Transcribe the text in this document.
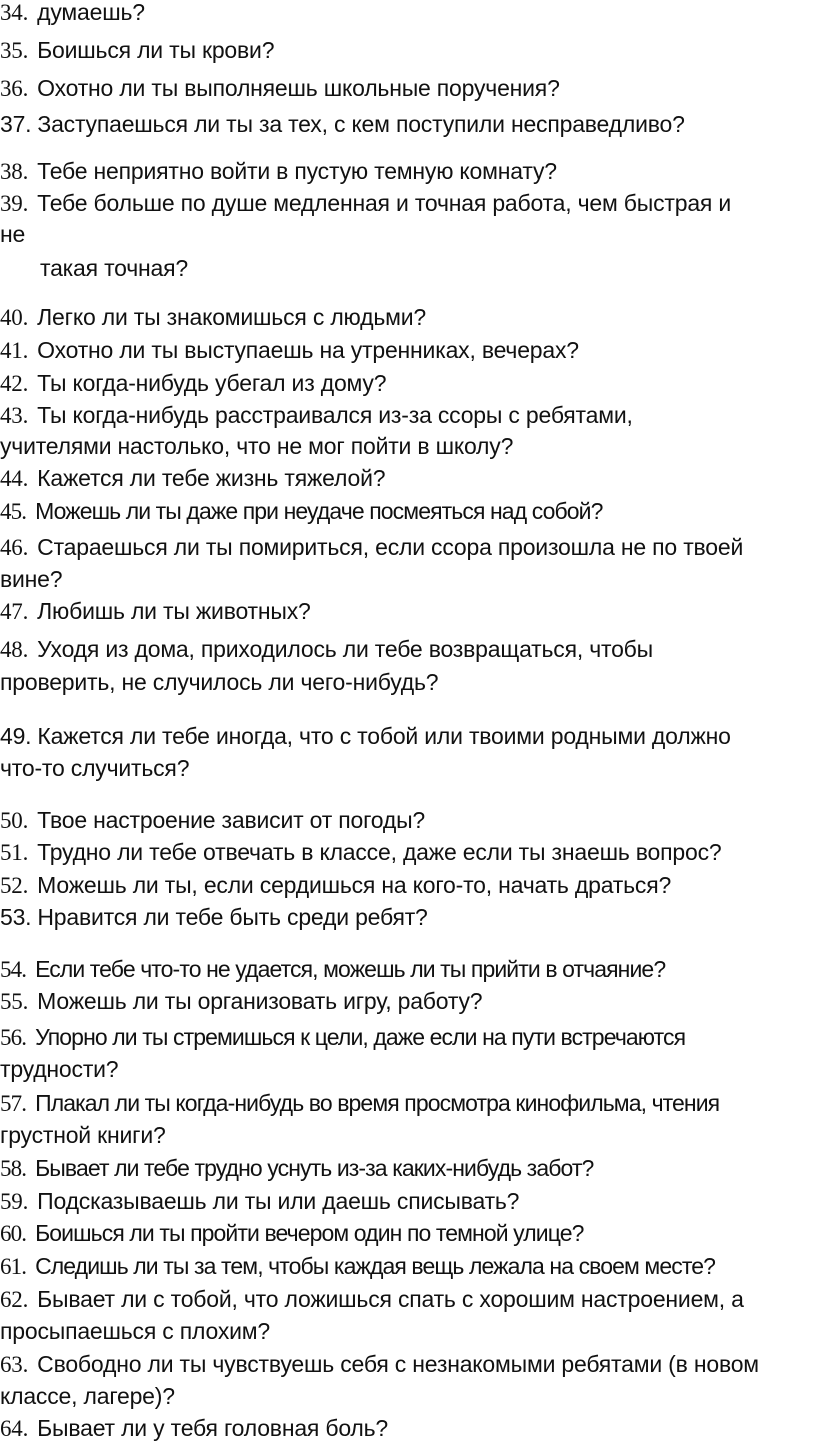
34. думаешь?
35. Боишься ли ты крови?
36. Охотно ли ты выполняешь школьные поручения?
37. Заступаешься ли ты за тех, с кем поступили несправедливо?
38. Тебе неприятно войти в пустую темную комнату?
39. Тебе больше по душе медленная и точная работа, чем быстрая и
не
такая точная?
40. Легко ли ты знакомишься с людьми?
41. Охотно ли ты выступаешь на утренниках, вечерах?
42. Ты когда-нибудь убегал из дому?
43. Ты когда-нибудь расстраивался из-за ссоры с ребятами,
учителями настолько, что не мог пойти в школу?
44. Кажется ли тебе жизнь тяжелой?
45. Можешь ли ты даже при неудаче посмеяться над собой?
46. Стараешься ли ты помириться, если ссора произошла не по твоей
вине?
47. Любишь ли ты животных?
48. Уходя из дома, приходилось ли тебе возвращаться, чтобы
проверить, не случилось ли чего-нибудь?
49. Кажется ли тебе иногда, что с тобой или твоими родными должно
что-то случиться?
50. Твое настроение зависит от погоды?
51. Трудно ли тебе отвечать в классе, даже если ты знаешь вопрос?
52. Можешь ли ты, если сердишься на кого-то, начать драться?
53. Нравится ли тебе быть среди ребят?
54. Если тебе что-то не удается, можешь ли ты прийти в отчаяние?
55. Можешь ли ты организовать игру, работу?
56. Упорно ли ты стремишься к цели, даже если на пути встречаются
трудности?
57. Плакал ли ты когда-нибудь во время просмотра кинофильма, чтения
грустной книги?
58. Бывает ли тебе трудно уснуть из-за каких-нибудь забот?
59. Подсказываешь ли ты или даешь списывать?
60. Боишься ли ты пройти вечером один по темной улице?
61. Следишь ли ты за тем, чтобы каждая вещь лежала на своем месте?
62. Бывает ли с тобой, что ложишься спать с хорошим настроением, а
просыпаешься с плохим?
63. Свободно ли ты чувствуешь себя с незнакомыми ребятами (в новом
классе, лагере)?
64. Бывает ли у тебя головная боль?
